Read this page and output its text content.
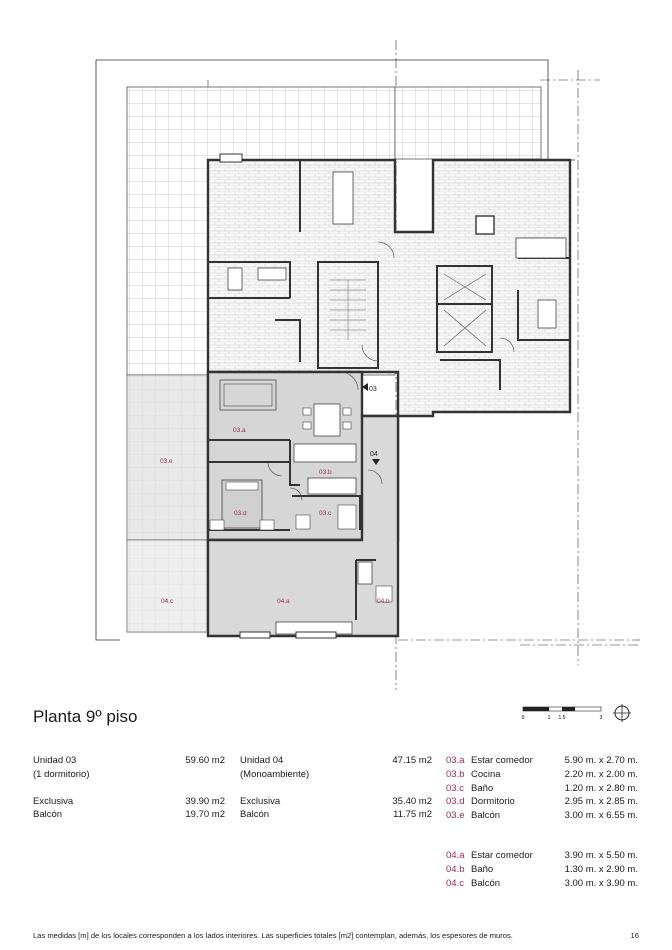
03
04
03.a
03.b
03.c
03.d
03.e
04.a	04.b
04.c
Planta 9º piso	0	1 1.5	3
Unidad 03	59.60 m2
(1 dormitorio)
Exclusiva	39.90 m2
Balcón	19.70 m2
Unidad 04	47.15 m2
(Monoambiente)
Exclusiva	35.40 m2
Balcón	11.75 m2
03.a Estar comedor	5.90 m. x 2.70 m.
03.b Cocina	2.20 m. x 2.00 m.
03.c Baño	1.20 m. x 2.80 m.
03.d Dormitorio	2.95 m. x 2.85 m.
03.e Balcón	3.00 m. x 6.55 m.
04.a Estar comedor	3.90 m. x 5.50 m.
04.b Baño	1.30 m. x 2.90 m.
04.c Balcón	3.00 m. x 3.90 m.
Las medidas [m] de los locales corresponden a los lados interiores. Las superficies totales [m2] contemplan, además, los espesores de muros.	16
